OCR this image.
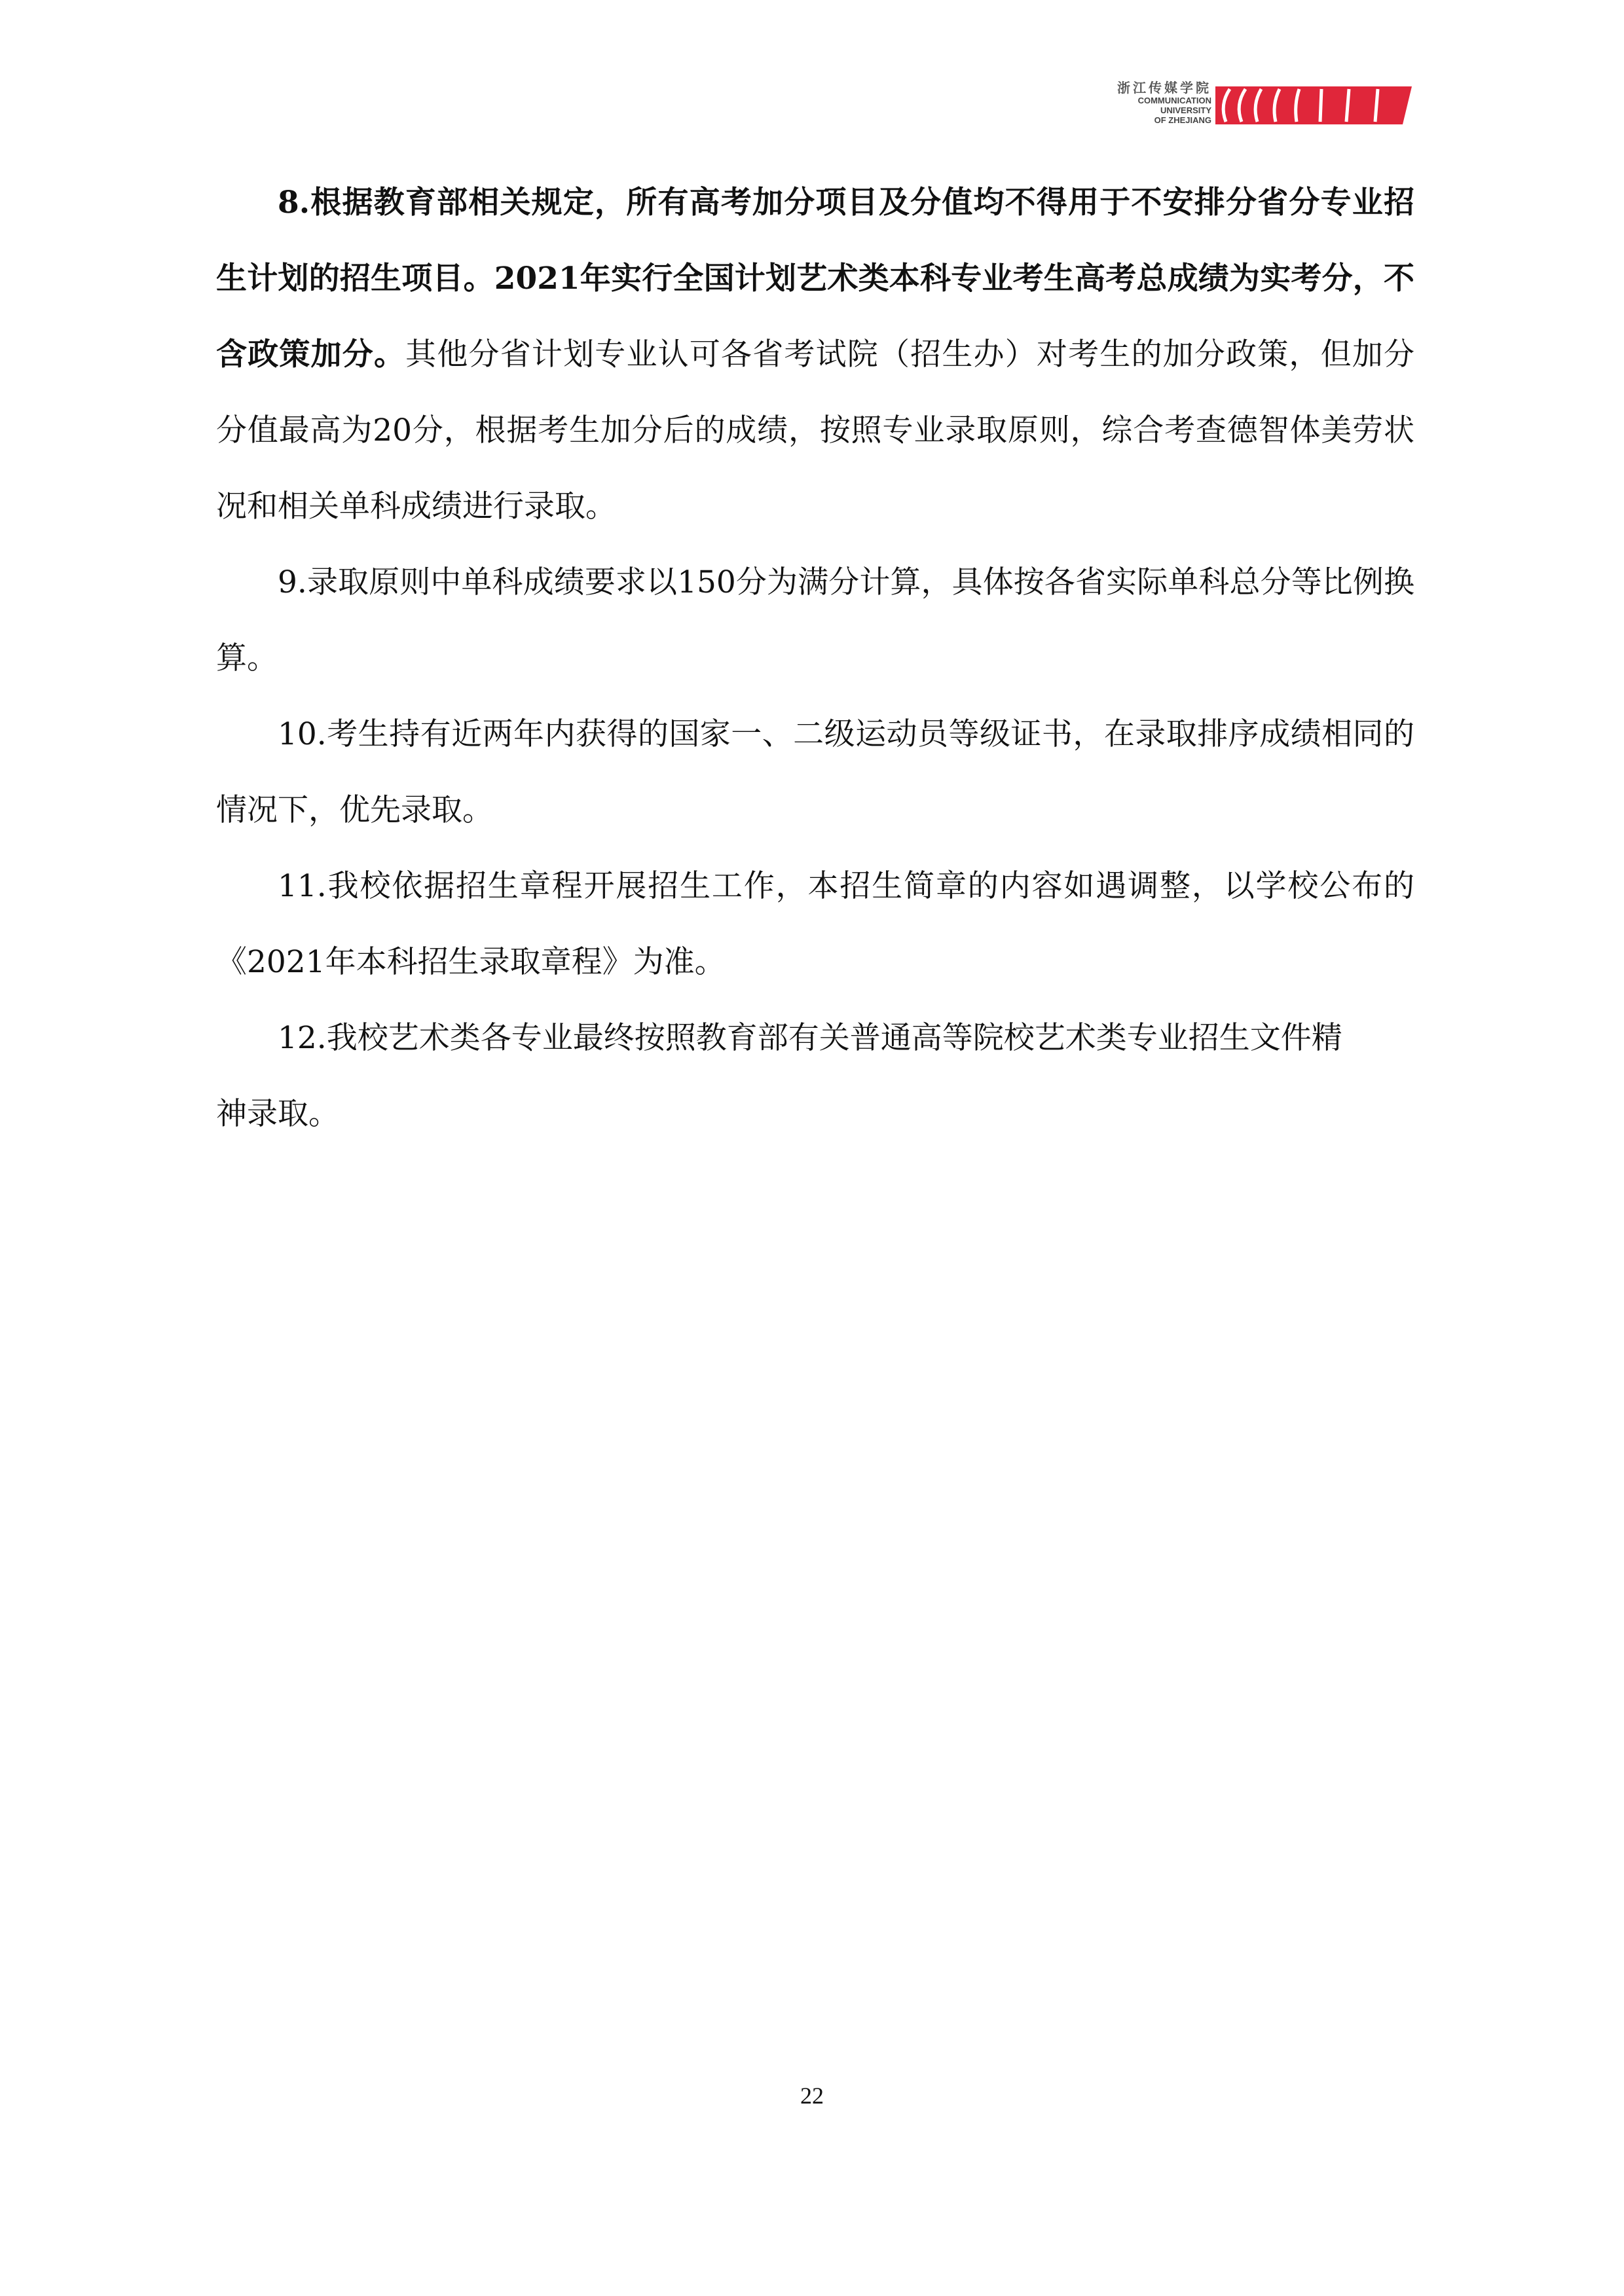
浙江传媒学院
COMMUNICATION
UNIVERSITY
OF ZHEJIANG

8.根据教育部相关规定，所有高考加分项目及分值均不得用于不安排分省分专业招生计划的招生项目。2021年实行全国计划艺术类本科专业考生高考总成绩为实考分，不含政策加分。其他分省计划专业认可各省考试院（招生办）对考生的加分政策，但加分分值最高为20分，根据考生加分后的成绩，按照专业录取原则，综合考查德智体美劳状况和相关单科成绩进行录取。

9.录取原则中单科成绩要求以150分为满分计算，具体按各省实际单科总分等比例换算。

10.考生持有近两年内获得的国家一、二级运动员等级证书，在录取排序成绩相同的情况下，优先录取。

11.我校依据招生章程开展招生工作，本招生简章的内容如遇调整，以学校公布的《2021年本科招生录取章程》为准。

12.我校艺术类各专业最终按照教育部有关普通高等院校艺术类专业招生文件精神录取。

22
